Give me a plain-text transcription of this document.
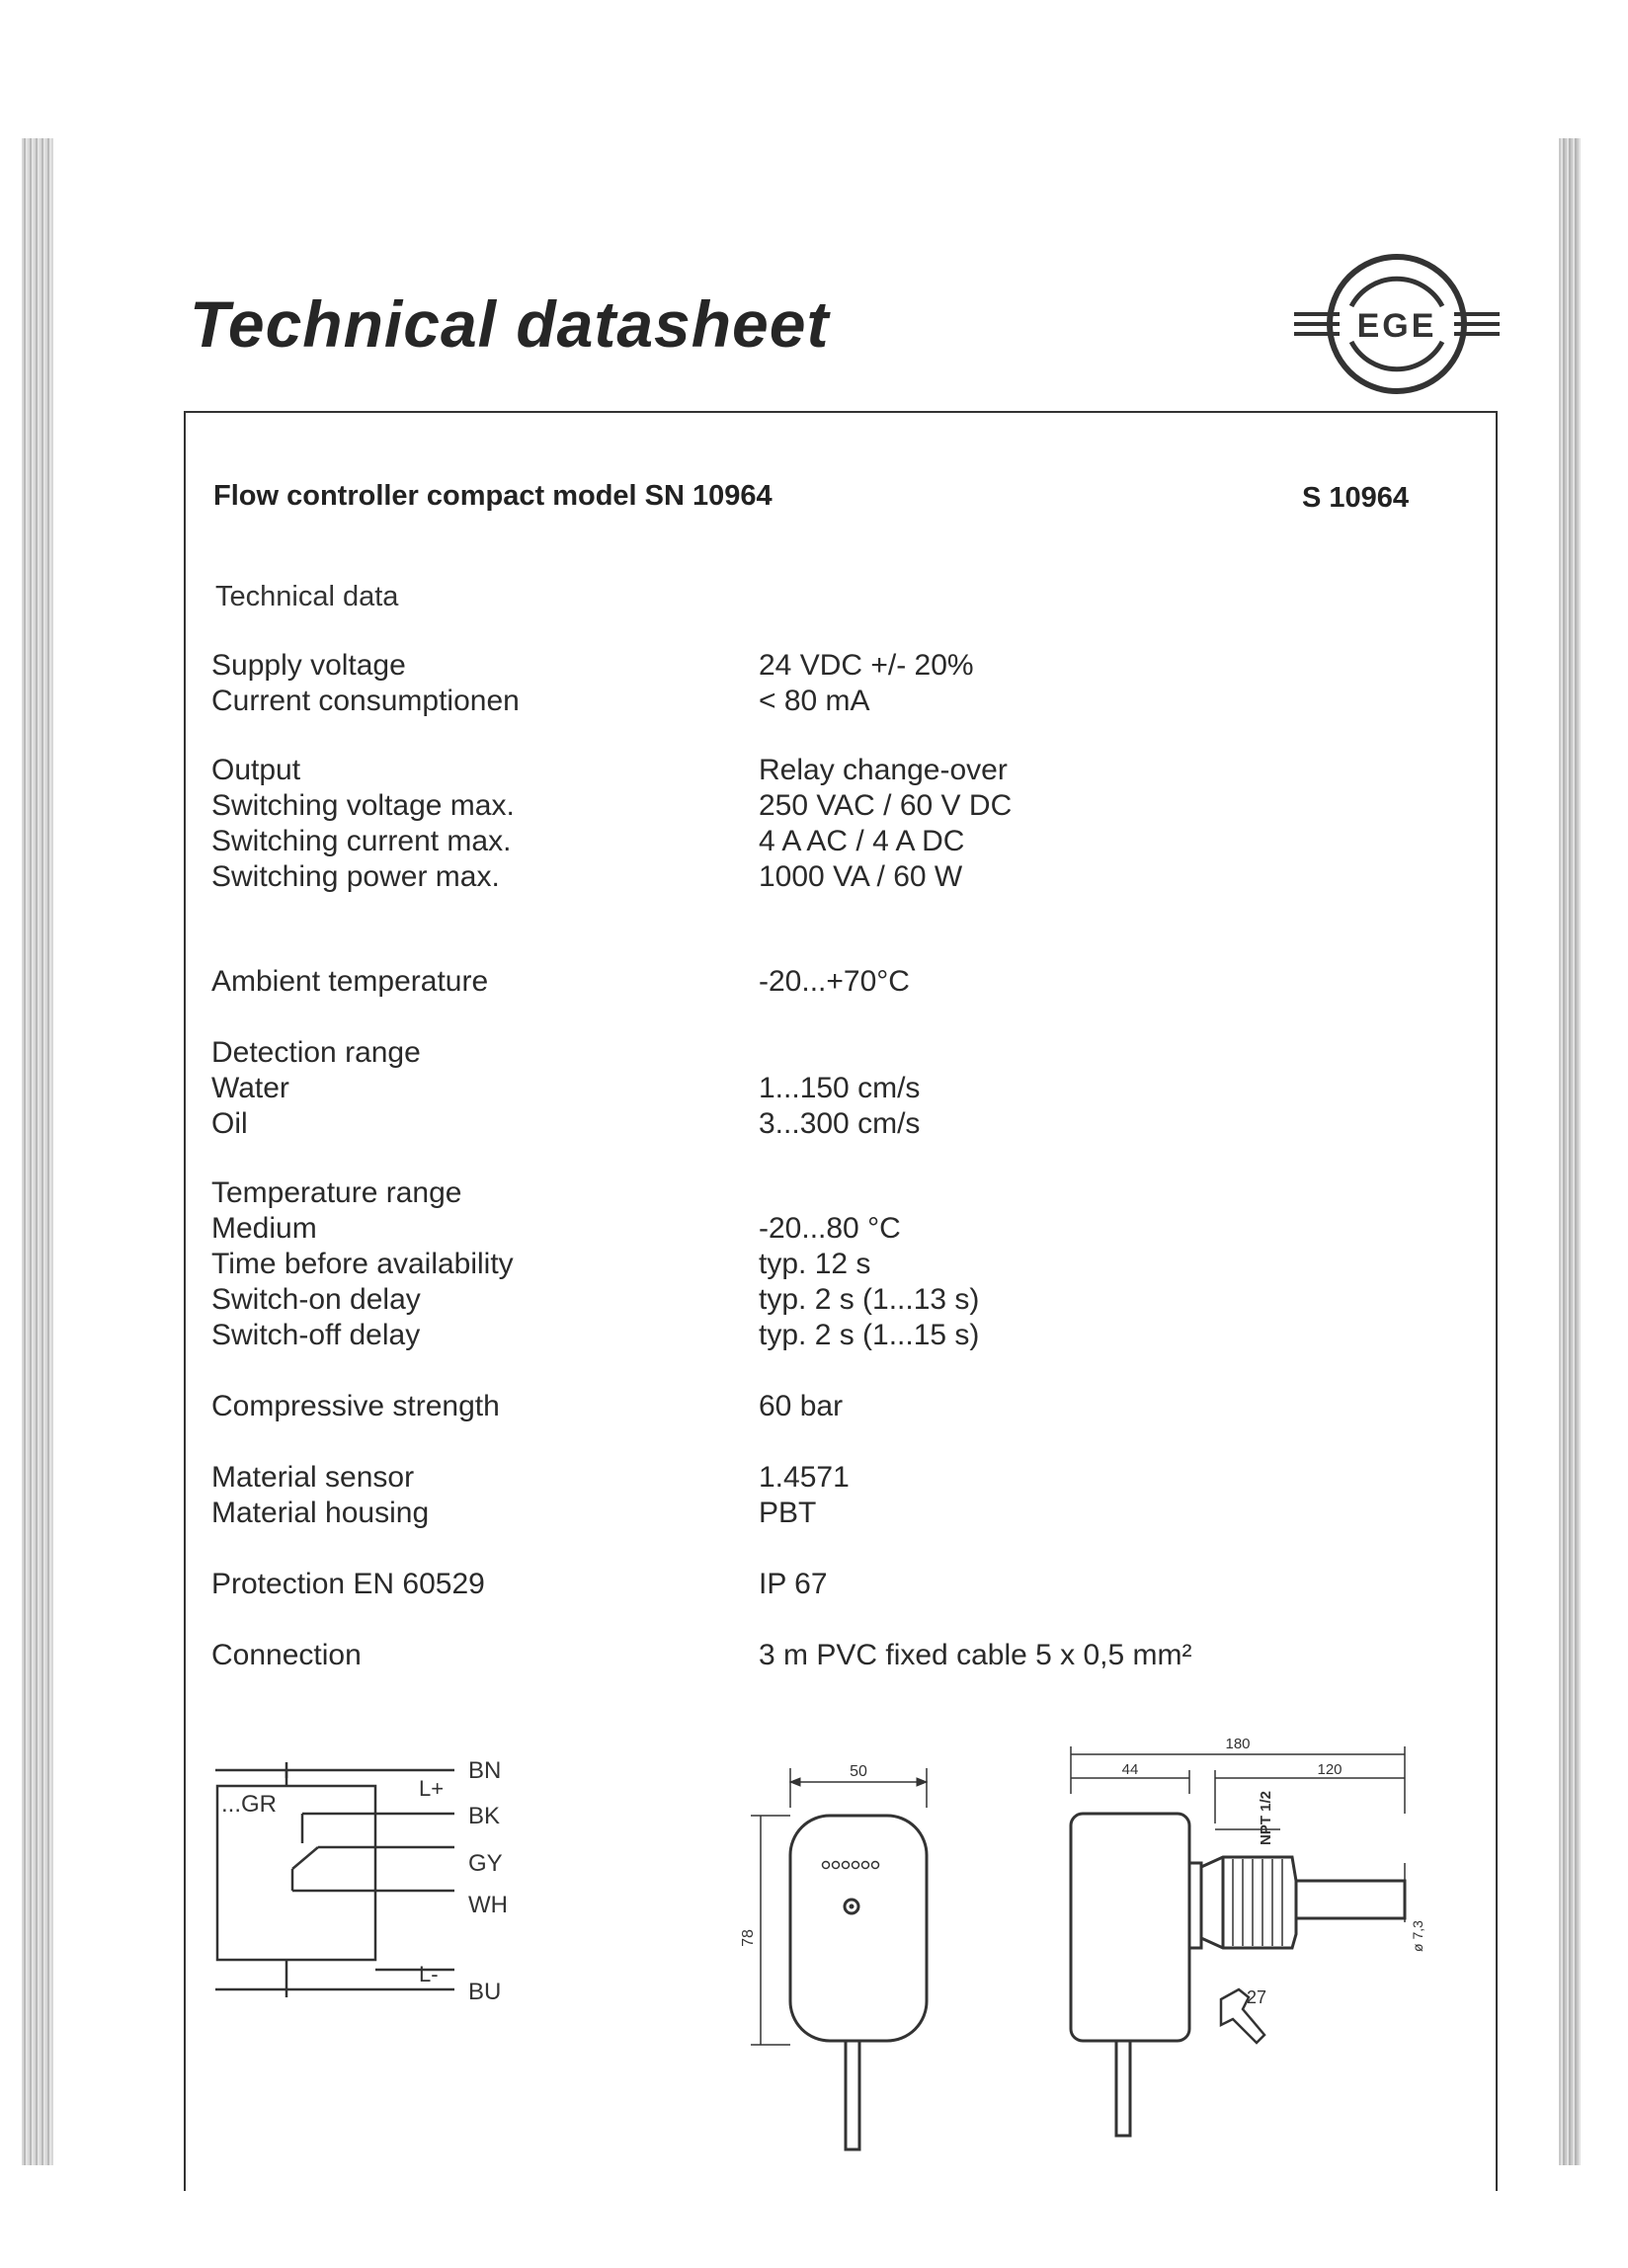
Technical datasheet	EGE
Flow controller compact model SN 10964	S 10964
Technical data
Supply voltage	24 VDC +/- 20%
Current consumptionen	< 80 mA
Output	Relay change-over
Switching voltage max.	250 VAC / 60 V DC
Switching current max.	4 A AC / 4 A DC
Switching power max.	1000 VA / 60 W
Ambient temperature	-20...+70°C
Detection range
Water	1...150 cm/s
Oil	3...300 cm/s
Temperature range
Medium	-20...80 °C
Time before availability	typ. 12 s
Switch-on delay	typ. 2 s (1...13 s)
Switch-off delay	typ. 2 s (1...15 s)
Compressive strength	60 bar
Material sensor	1.4571
Material housing	PBT
Protection EN 60529	IP 67
Connection	3 m PVC fixed cable 5 x 0,5 mm²
...GR
L+
L-
BN
BK
GY
WH
BU
50
78
180
44	120
NPT 1/2
27
ø 7,3
